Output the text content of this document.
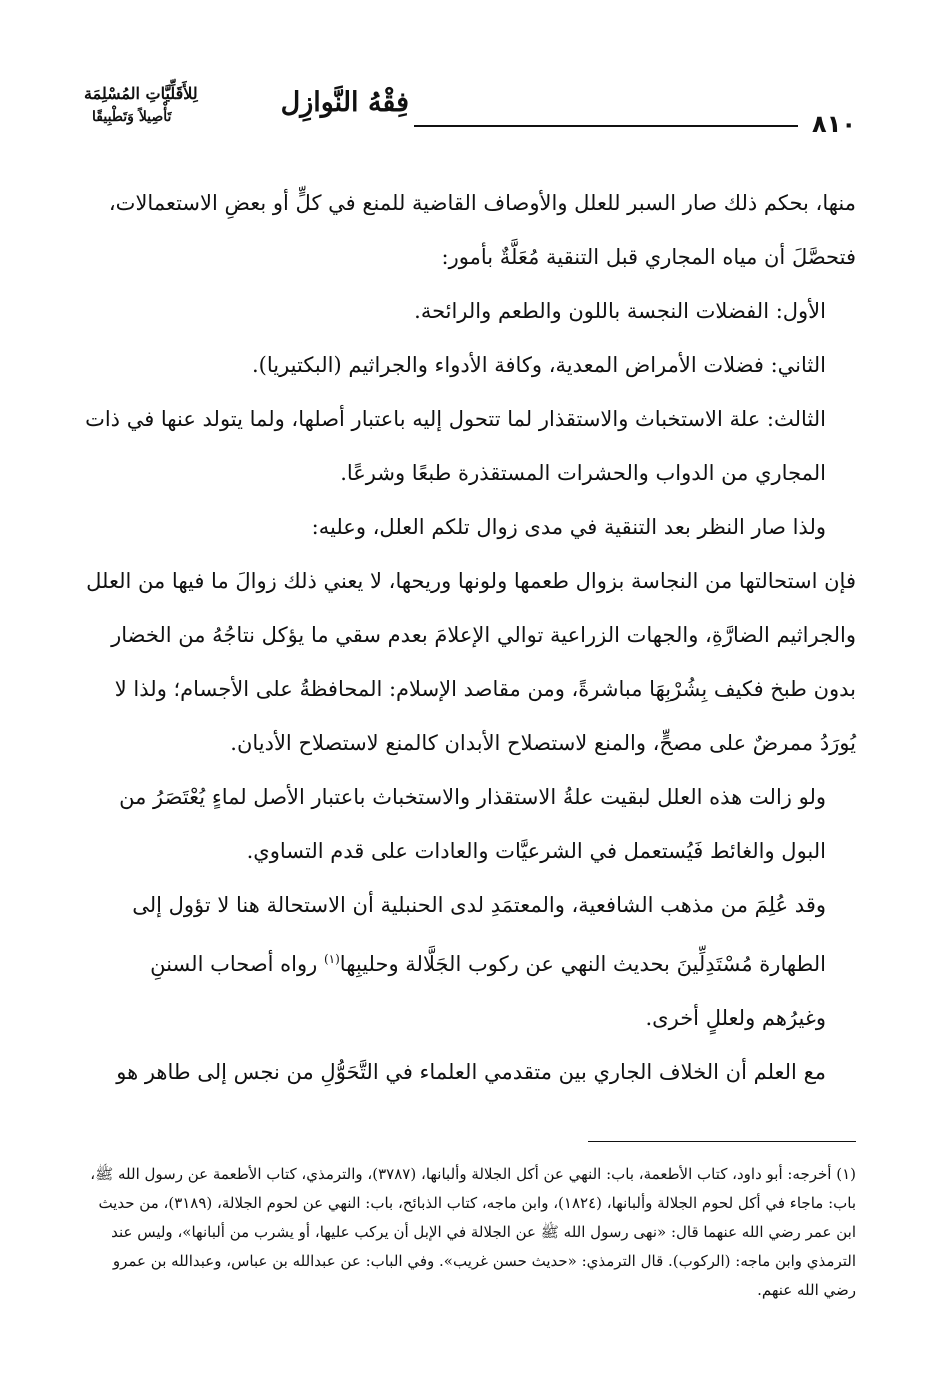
فِقْهُ النَّوازِل
لِلأَقَلِّيَّاتِ المُسْلِمَة
تَأْصِيلاً وَتَطْبِيقًا	٨١٠

منها، بحكم ذلك صار السبر للعلل والأوصاف القاضية للمنع في كلٍّ أو بعضِ الاستعمالات، فتحصَّلَ أن مياه المجاري قبل التنقية مُعَلَّةٌ بأمور:

الأول: الفضلات النجسة باللون والطعم والرائحة.

الثاني: فضلات الأمراض المعدية، وكافة الأدواء والجراثيم (البكتيريا).

الثالث: علة الاستخباث والاستقذار لما تتحول إليه باعتبار أصلها، ولما يتولد عنها في ذات المجاري من الدواب والحشرات المستقذرة طبعًا وشرعًا.

ولذا صار النظر بعد التنقية في مدى زوال تلكم العلل، وعليه:

فإن استحالتها من النجاسة بزوال طعمها ولونها وريحها، لا يعني ذلك زوالَ ما فيها من العلل والجراثيم الضارَّةِ، والجهات الزراعية توالي الإعلامَ بعدم سقي ما يؤكل نتاجُهُ من الخضار بدون طبخ فكيف بِشُرْبِهَا مباشرةً، ومن مقاصد الإسلام: المحافظةُ على الأجسام؛ ولذا لا يُورَدُ ممرضٌ على مصحٍّ، والمنع لاستصلاح الأبدان كالمنع لاستصلاح الأديان.

ولو زالت هذه العلل لبقيت علةُ الاستقذار والاستخباث باعتبار الأصل لماءٍ يُعْتَصَرُ من البول والغائط فَيُستعمل في الشرعيَّات والعادات على قدم التساوي.

وقد عُلِمَ من مذهب الشافعية، والمعتمَدِ لدى الحنبلية أن الاستحالة هنا لا تؤول إلى الطهارة مُسْتَدِلِّينَ بحديث النهي عن ركوب الجَلَّالة وحليبِها$^{(١)}$ رواه أصحاب السننِ وغيرُهم ولعللٍ أخرى.

مع العلم أن الخلاف الجاري بين متقدمي العلماء في التَّحَوُّلِ من نجس إلى طاهر هو

(١) أخرجه: أبو داود، كتاب الأطعمة، باب: النهي عن أكل الجلالة وألبانها، (٣٧٨٧)، والترمذي، كتاب الأطعمة عن رسول الله ﷺ، باب: ماجاء في أكل لحوم الجلالة وألبانها، (١٨٢٤)، وابن ماجه، كتاب الذبائح، باب: النهي عن لحوم الجلالة، (٣١٨٩)، من حديث ابن عمر رضي الله عنهما قال: «نهى رسول الله ﷺ عن الجلالة في الإبل أن يركب عليها، أو يشرب من ألبانها»، وليس عند الترمذي وابن ماجه: (الركوب). قال الترمذي: «حديث حسن غريب». وفي الباب: عن عبدالله بن عباس، وعبدالله بن عمرو رضي الله عنهم.
